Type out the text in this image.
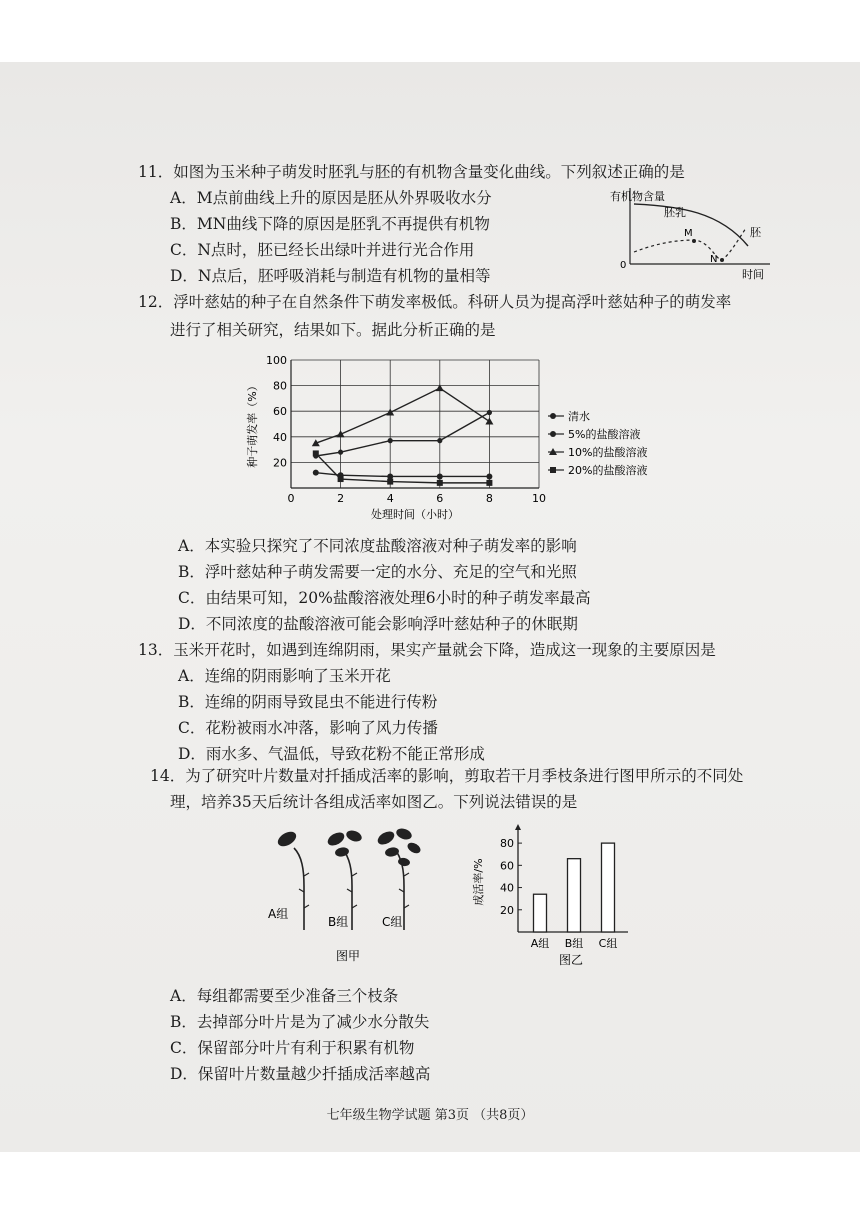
11．如图为玉米种子萌发时胚乳与胚的有机物含量变化曲线。下列叙述正确的是
A．M点前曲线上升的原因是胚从外界吸收水分
B．MN曲线下降的原因是胚乳不再提供有机物
C．N点时，胚已经长出绿叶并进行光合作用
D．N点后，胚呼吸消耗与制造有机物的量相等
有机物含量
0
时间
胚乳
胚
M
N
12．浮叶慈姑的种子在自然条件下萌发率极低。科研人员为提高浮叶慈姑种子的萌发率
进行了相关研究，结果如下。据此分析正确的是
0	2	4	6	8	10
20
40
60
80
100
处理时间（小时）
种子萌发率（%）	清水
5%的盐酸溶液
10%的盐酸溶液
20%的盐酸溶液
A．本实验只探究了不同浓度盐酸溶液对种子萌发率的影响
B．浮叶慈姑种子萌发需要一定的水分、充足的空气和光照
C．由结果可知，20%盐酸溶液处理6小时的种子萌发率最高
D．不同浓度的盐酸溶液可能会影响浮叶慈姑种子的休眠期
13．玉米开花时，如遇到连绵阴雨，果实产量就会下降，造成这一现象的主要原因是
A．连绵的阴雨影响了玉米开花
B．连绵的阴雨导致昆虫不能进行传粉
C．花粉被雨水冲落，影响了风力传播
D．雨水多、气温低，导致花粉不能正常形成
14．为了研究叶片数量对扦插成活率的影响，剪取若干月季枝条进行图甲所示的不同处
理，培养35天后统计各组成活率如图乙。下列说法错误的是
A组
B组	C组
图甲
20
40
60
80
成活率/%
A组 B组 C组
图乙
A．每组都需要至少准备三个枝条
B．去掉部分叶片是为了减少水分散失
C．保留部分叶片有利于积累有机物
D．保留叶片数量越少扦插成活率越高
七年级生物学试题 第3页 （共8页）
